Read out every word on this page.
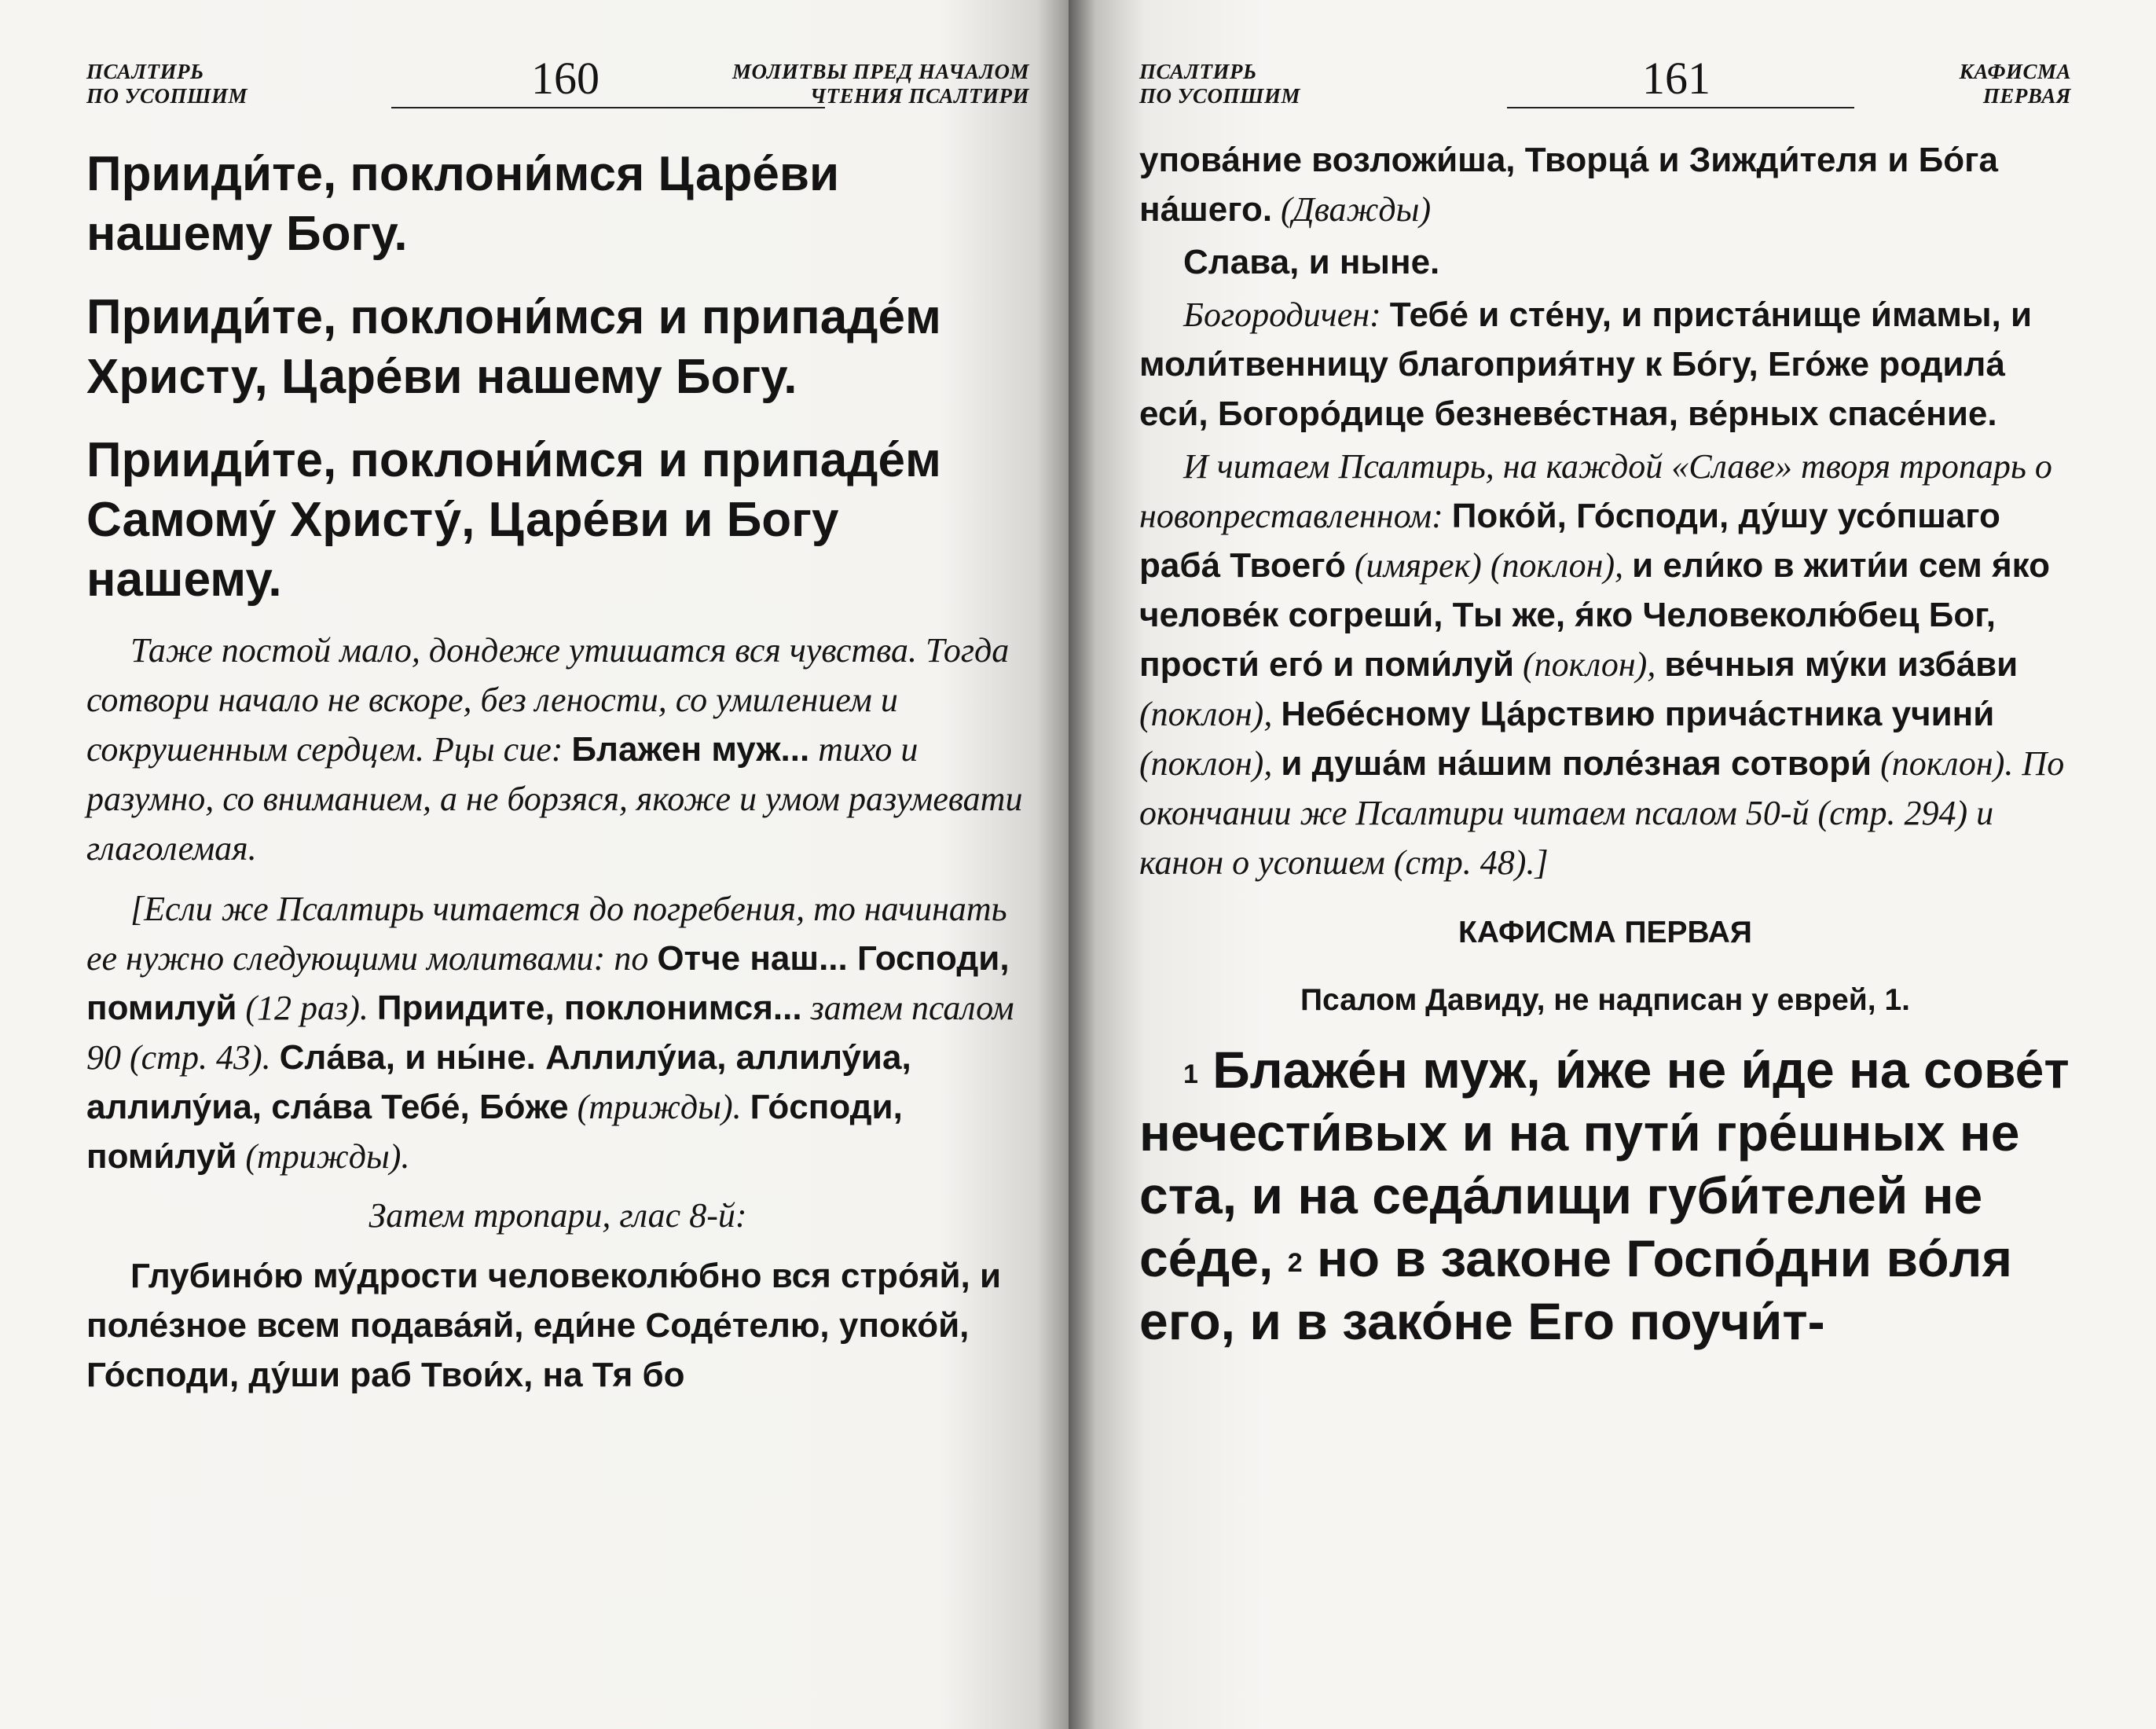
ПСАЛТИРЬ
ПО УСОПШИМ	160	МОЛИТВЫ ПРЕД НАЧАЛОМ
ЧТЕНИЯ ПСАЛТИРИ

Прииди́те, поклони́мся Царе́ви нашему Богу.

Прииди́те, поклони́мся и припаде́м Христу, Царе́ви нашему Богу.

Прииди́те, поклони́мся и припаде́м Самому́ Христу́, Царе́ви и Богу нашему.

Таже постой мало, дондеже утишатся вся чувства. Тогда сотвори начало не вскоре, без лености, со умилением и сокрушенным сердцем. Рцы сие: Блажен муж... тихо и разумно, со вниманием, а не борзяся, якоже и умом разумевати глаголемая.

[Если же Псалтирь читается до погребения, то начинать ее нужно следующими молитвами: по Отче наш... Господи, помилуй (12 раз). Приидите, поклонимся... затем псалом 90 (стр. 43). Сла́ва, и ны́не. Аллилу́иа, аллилу́иа, аллилу́иа, сла́ва Тебе́, Бо́же (трижды). Го́споди, поми́луй (трижды).

Затем тропари, глас 8-й:

Глубино́ю му́дрости человеколю́бно вся стро́яй, и поле́зное всем подава́яй, еди́не Соде́телю, упоко́й, Го́споди, ду́ши раб Твои́х, на Тя бо

ПСАЛТИРЬ
ПО УСОПШИМ	161	КАФИСМА
ПЕРВАЯ

упова́ние возложи́ша, Творца́ и Зижди́теля и Бо́га на́шего. (Дважды)

Слава, и ныне.

Богородичен: Тебе́ и сте́ну, и приста́нище и́мамы, и моли́твенницу благоприя́тну к Бо́гу, Его́же родила́ еси́, Богоро́дице безневе́стная, ве́рных спасе́ние.

И читаем Псалтирь, на каждой «Славе» творя тропарь о новопреставленном: Поко́й, Го́споди, ду́шу усо́пшаго раба́ Твоего́ (имярек) (поклон), и ели́ко в жити́и сем я́ко челове́к согреши́, Ты же, я́ко Человеколю́бец Бог, прости́ его́ и поми́луй (поклон), ве́чныя му́ки изба́ви (поклон), Небе́сному Ца́рствию прича́стника учини́ (поклон), и душа́м на́шим поле́зная сотвори́ (поклон). По окончании же Псалтири читаем псалом 50-й (стр. 294) и канон о усопшем (стр. 48).]

КАФИСМА ПЕРВАЯ

Псалом Давиду, не надписан у еврей, 1.

$^1$ Блаже́н муж, и́же не и́де на сове́т нечести́вых и на пути́ гре́шных не ста, и на седа́лищи губи́телей не се́де, $^2$ но в законе Госпо́дни во́ля его, и в зако́не Его поучи́т-
